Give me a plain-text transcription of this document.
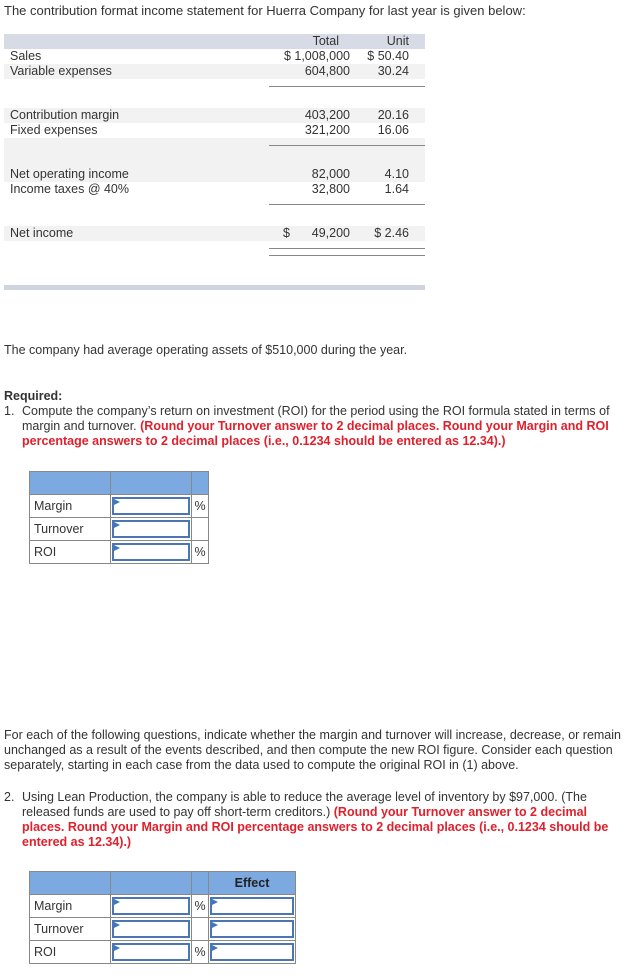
The contribution format income statement for Huerra Company for last year is given below:
Total	Unit
Sales	$ 1,008,000 $ 50.40
Variable expenses	604,800 30.24
Contribution margin	403,200 20.16
Fixed expenses	321,200 16.06
Net operating income	82,000	4.10
Income taxes @ 40%	32,800	1.64
Net income	$ 49,200 $ 2.46
The company had average operating assets of $510,000 during the year.
Required:
1. Compute the company’s return on investment (ROI) for the period using the ROI formula stated in terms of margin and turnover. (Round your Turnover answer to 2 decimal places. Round your Margin and ROI percentage answers to 2 decimal places (i.e., 0.1234 should be entered as 12.34).)

Margin		%
Turnover	

ROI		%
For each of the following questions, indicate whether the margin and turnover will increase, decrease, or remain unchanged as a result of the events described, and then compute the new ROI figure. Consider each question separately, starting in each case from the data used to compute the original ROI in (1) above.
2. Using Lean Production, the company is able to reduce the average level of inventory by $97,000. (The released funds are used to pay off short-term creditors.) (Round your Turnover answer to 2 decimal places. Round your Margin and ROI percentage answers to 2 decimal places (i.e., 0.1234 should be entered as 12.34).)
			Effect
Margin		%	

Turnover	

ROI		%	
